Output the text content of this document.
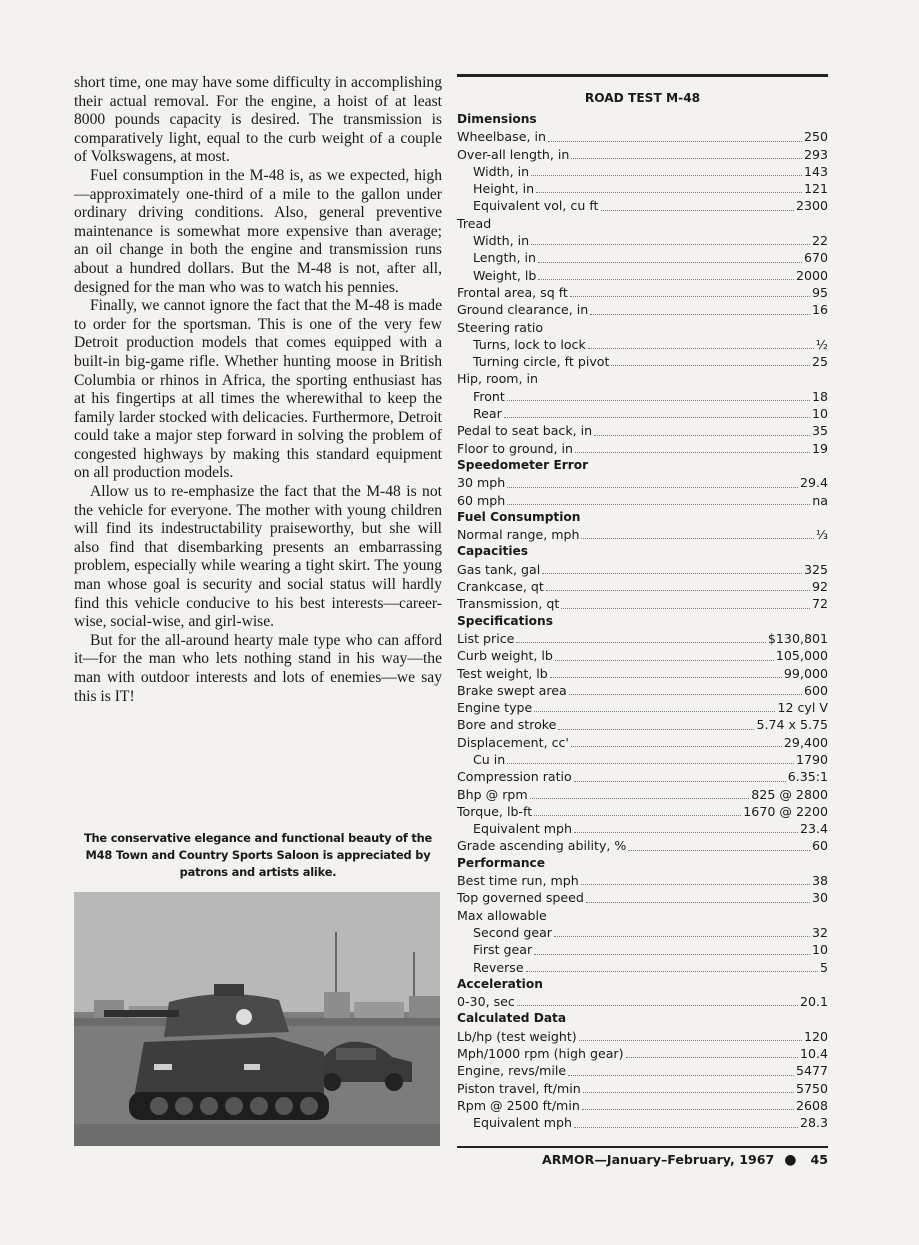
short time, one may have some difficulty in accomplishing their actual removal. For the engine, a hoist of at least 8000 pounds capacity is desired. The transmission is comparatively light, equal to the curb weight of a couple of Volkswagens, at most.

Fuel consumption in the M-48 is, as we expected, high—approximately one-third of a mile to the gallon under ordinary driving conditions. Also, general preventive maintenance is somewhat more expensive than average; an oil change in both the engine and transmission runs about a hundred dollars. But the M-48 is not, after all, designed for the man who was to watch his pennies.

Finally, we cannot ignore the fact that the M-48 is made to order for the sportsman. This is one of the very few Detroit production models that comes equipped with a built-in big-game rifle. Whether hunting moose in British Columbia or rhinos in Africa, the sporting enthusiast has at his fingertips at all times the wherewithal to keep the family larder stocked with delicacies. Furthermore, Detroit could take a major step forward in solving the problem of congested highways by making this standard equipment on all production models.

Allow us to re-emphasize the fact that the M-48 is not the vehicle for everyone. The mother with young children will find its indestructability praiseworthy, but she will also find that disembarking presents an embarrassing problem, especially while wearing a tight skirt. The young man whose goal is security and social status will hardly find this vehicle conducive to his best interests—career-wise, social-wise, and girl-wise.

But for the all-around hearty male type who can afford it—for the man who lets nothing stand in his way—the man with outdoor interests and lots of enemies—we say this is IT!

The conservative elegance and functional beauty of the M48 Town and Country Sports Saloon is appreciated by patrons and artists alike.
ROAD TEST M-48
Dimensions
Wheelbase, in	250
Over-all length, in	293
Width, in	143
Height, in	121
Equivalent vol, cu ft	2300
Tread
Width, in	22
Length, in	670
Weight, lb	2000
Frontal area, sq ft	95
Ground clearance, in	16
Steering ratio
Turns, lock to lock	½
Turning circle, ft pivot	25
Hip, room, in
Front	18
Rear	10
Pedal to seat back, in	35
Floor to ground, in	19
Speedometer Error
30 mph	29.4
60 mph	na
Fuel Consumption
Normal range, mph	⅓
Capacities
Gas tank, gal	325
Crankcase, qt	92
Transmission, qt	72
Specifications
List price	$130,801
Curb weight, lb	105,000
Test weight, lb	99,000
Brake swept area	600
Engine type	12 cyl V
Bore and stroke	5.74 x 5.75
Displacement, cc'	29,400
Cu in	1790
Compression ratio	6.35:1
Bhp @ rpm	825 @ 2800
Torque, lb-ft	1670 @ 2200
Equivalent mph	23.4
Grade ascending ability, %	60
Performance
Best time run, mph	38
Top governed speed	30
Max allowable
Second gear	32
First gear	10
Reverse	5
Acceleration
0-30, sec	20.1
Calculated Data
Lb/hp (test weight)	120
Mph/1000 rpm (high gear)	10.4
Engine, revs/mile	5477
Piston travel, ft/min	5750
Rpm @ 2500 ft/min	2608
Equivalent mph	28.3
ARMOR—January–February, 1967 ● 45
